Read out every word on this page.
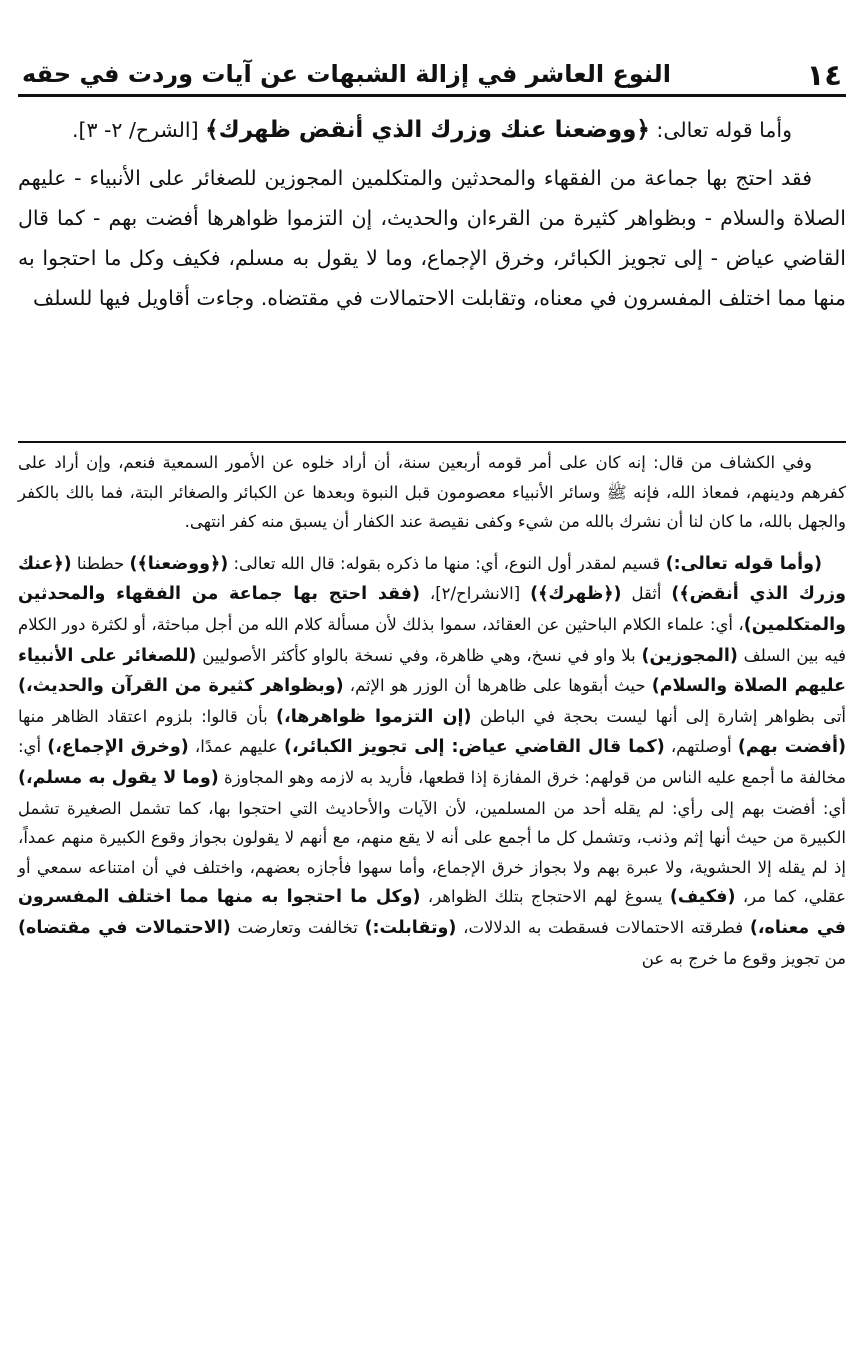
١٤
النوع العاشر في إزالة الشبهات عن آيات وردت في حقه

وأما قوله تعالى: ﴿ووضعنا عنك وزرك الذي أنقض ظهرك﴾ [الشرح/ ٢- ٣].

فقد احتج بها جماعة من الفقهاء والمحدثين والمتكلمين المجوزين للصغائر على الأنبياء - عليهم الصلاة والسلام - وبظواهر كثيرة من القرءان والحديث، إن التزموا ظواهرها أفضت بهم - كما قال القاضي عياض - إلى تجويز الكبائر، وخرق الإجماع، وما لا يقول به مسلم، فكيف وكل ما احتجوا به منها مما اختلف المفسرون في معناه، وتقابلت الاحتمالات في مقتضاه. وجاءت أقاويل فيها للسلف

وفي الكشاف من قال: إنه كان على أمر قومه أربعين سنة، أن أراد خلوه عن الأمور السمعية فنعم، وإن أراد على كفرهم ودينهم، فمعاذ الله، فإنه ﷺ وسائر الأنبياء معصومون قبل النبوة وبعدها عن الكبائر والصغائر البتة، فما بالك بالكفر والجهل بالله، ما كان لنا أن نشرك بالله من شيء وكفى نقيصة عند الكفار أن يسبق منه كفر انتهى.

(وأما قوله تعالى:) قسيم لمقدر أول النوع، أي: منها ما ذكره بقوله: قال الله تعالى: (﴿ووضعنا﴾) حططنا (﴿عنك وزرك الذي أنقض﴾) أثقل (﴿ظهرك﴾) [الانشراح/٢]، (فقد احتج بها جماعة من الفقهاء والمحدثين والمتكلمين)، أي: علماء الكلام الباحثين عن العقائد، سموا بذلك لأن مسألة كلام الله من أجل مباحثة، أو لكثرة دور الكلام فيه بين السلف (المجوزين) بلا واو في نسخ، وهي ظاهرة، وفي نسخة بالواو كأكثر الأصوليين (للصغائر على الأنبياء عليهم الصلاة والسلام) حيث أبقوها على ظاهرها أن الوزر هو الإثم، (وبظواهر كثيرة من القرآن والحديث،) أتى بظواهر إشارة إلى أنها ليست بحجة في الباطن (إن التزموا ظواهرها،) بأن قالوا: بلزوم اعتقاد الظاهر منها (أفضت بهم) أوصلتهم، (كما قال القاضي عياض: إلى تجويز الكبائر،) عليهم عمدًا، (وخرق الإجماع،) أي: مخالفة ما أجمع عليه الناس من قولهم: خرق المفازة إذا قطعها، فأريد به لازمه وهو المجاوزة (وما لا يقول به مسلم،) أي: أفضت بهم إلى رأي: لم يقله أحد من المسلمين، لأن الآيات والأحاديث التي احتجوا بها، كما تشمل الصغيرة تشمل الكبيرة من حيث أنها إثم وذنب، وتشمل كل ما أجمع على أنه لا يقع منهم، مع أنهم لا يقولون بجواز وقوع الكبيرة منهم عمداً، إذ لم يقله إلا الحشوية، ولا عبرة بهم ولا بجواز خرق الإجماع، وأما سهوا فأجازه بعضهم، واختلف في أن امتناعه سمعي أو عقلي، كما مر، (فكيف) يسوغ لهم الاحتجاج بتلك الظواهر، (وكل ما احتجوا به منها مما اختلف المفسرون في معناه،) فطرقته الاحتمالات فسقطت به الدلالات، (وتقابلت:) تخالفت وتعارضت (الاحتمالات في مقتضاه) من تجويز وقوع ما خرج به عن
